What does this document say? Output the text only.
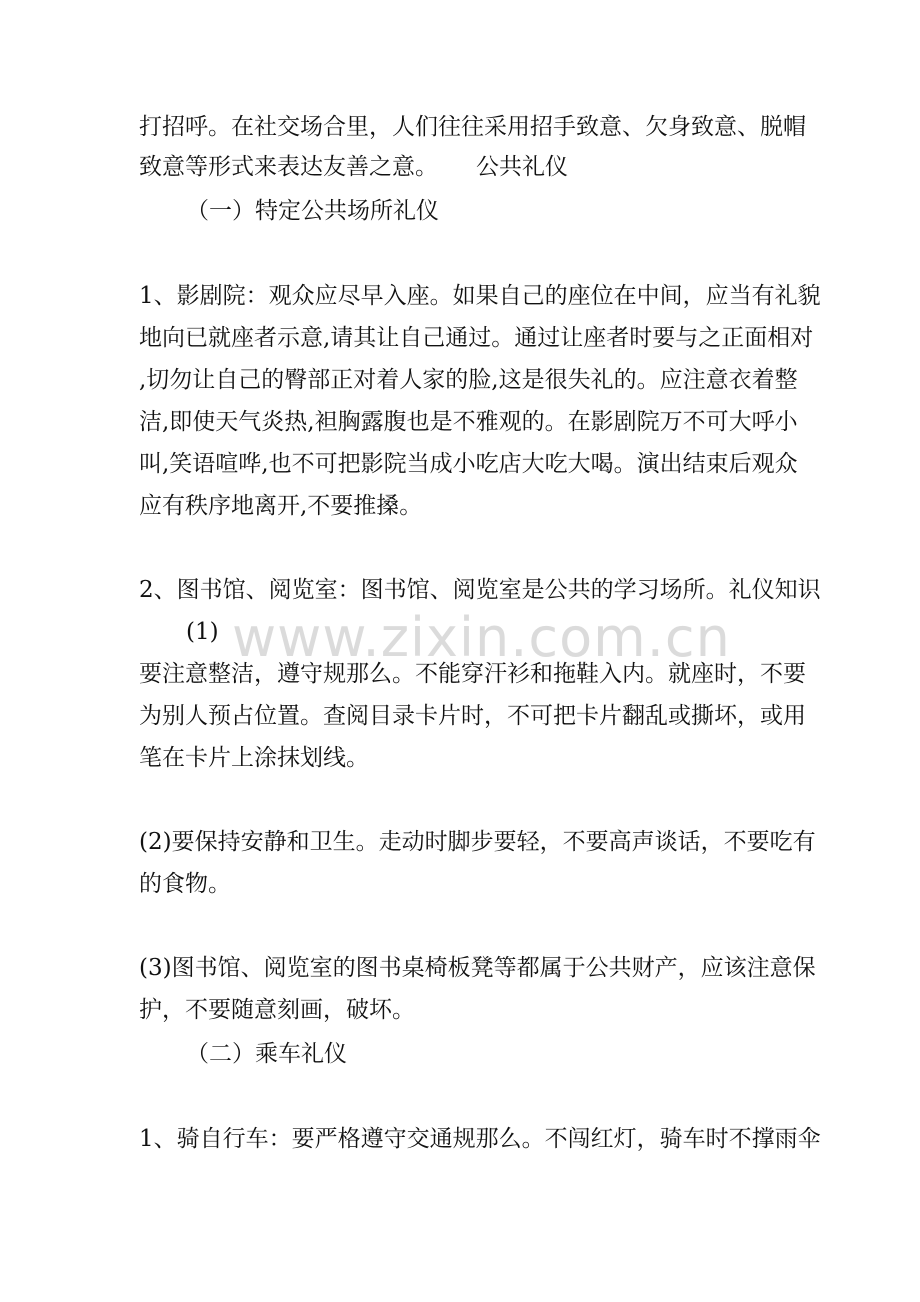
打招呼。在社交场合里，人们往往采用招手致意、欠身致意、脱帽
致意等形式来表达友善之意。 公共礼仪
（一）特定公共场所礼仪
1、影剧院：观众应尽早入座。如果自己的座位在中间，应当有礼貌
地向已就座者示意,请其让自己通过。通过让座者时要与之正面相对
,切勿让自己的臀部正对着人家的脸,这是很失礼的。应注意衣着整
洁,即使天气炎热,袒胸露腹也是不雅观的。在影剧院万不可大呼小
叫,笑语喧哗,也不可把影院当成小吃店大吃大喝。演出结束后观众
应有秩序地离开,不要推搡。
2、图书馆、阅览室：图书馆、阅览室是公共的学习场所。礼仪知识
(1)
要注意整洁，遵守规那么。不能穿汗衫和拖鞋入内。就座时，不要
为别人预占位置。查阅目录卡片时，不可把卡片翻乱或撕坏，或用
笔在卡片上涂抹划线。
(2)要保持安静和卫生。走动时脚步要轻，不要高声谈话，不要吃有
的食物。
(3)图书馆、阅览室的图书桌椅板凳等都属于公共财产，应该注意保
护，不要随意刻画，破坏。
（二）乘车礼仪
1、骑自行车：要严格遵守交通规那么。不闯红灯，骑车时不撑雨伞
www.zixin.com.cn
